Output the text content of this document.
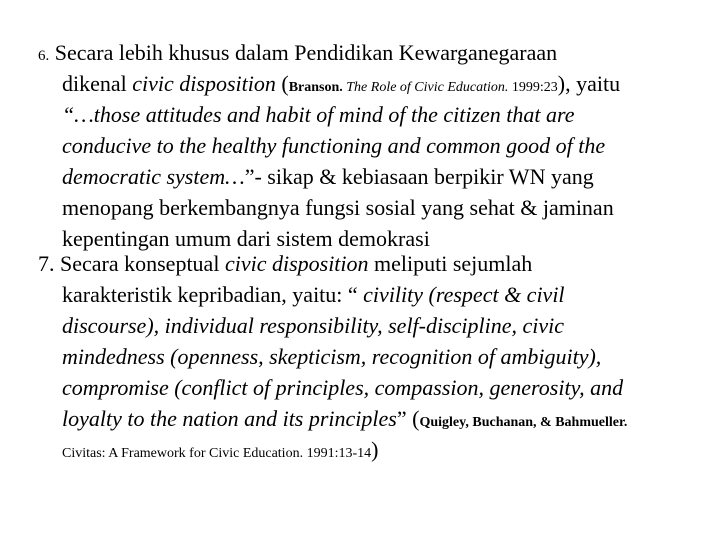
6. Secara lebih khusus dalam Pendidikan Kewarganegaraan
dikenal civic disposition (Branson. The Role of Civic Education. 1999:23), yaitu
“…those attitudes and habit of mind of the citizen that are
conducive to the healthy functioning and common good of the
democratic system…”- sikap & kebiasaan berpikir WN yang
menopang berkembangnya fungsi sosial yang sehat & jaminan
kepentingan umum dari sistem demokrasi
7. Secara konseptual civic disposition meliputi sejumlah
karakteristik kepribadian, yaitu: “ civility (respect & civil
discourse), individual responsibility, self-discipline, civic
mindedness (openness, skepticism, recognition of ambiguity),
compromise (conflict of principles, compassion, generosity, and
loyalty to the nation and its principles” (Quigley, Buchanan, & Bahmueller.
Civitas: A Framework for Civic Education. 1991:13-14)
